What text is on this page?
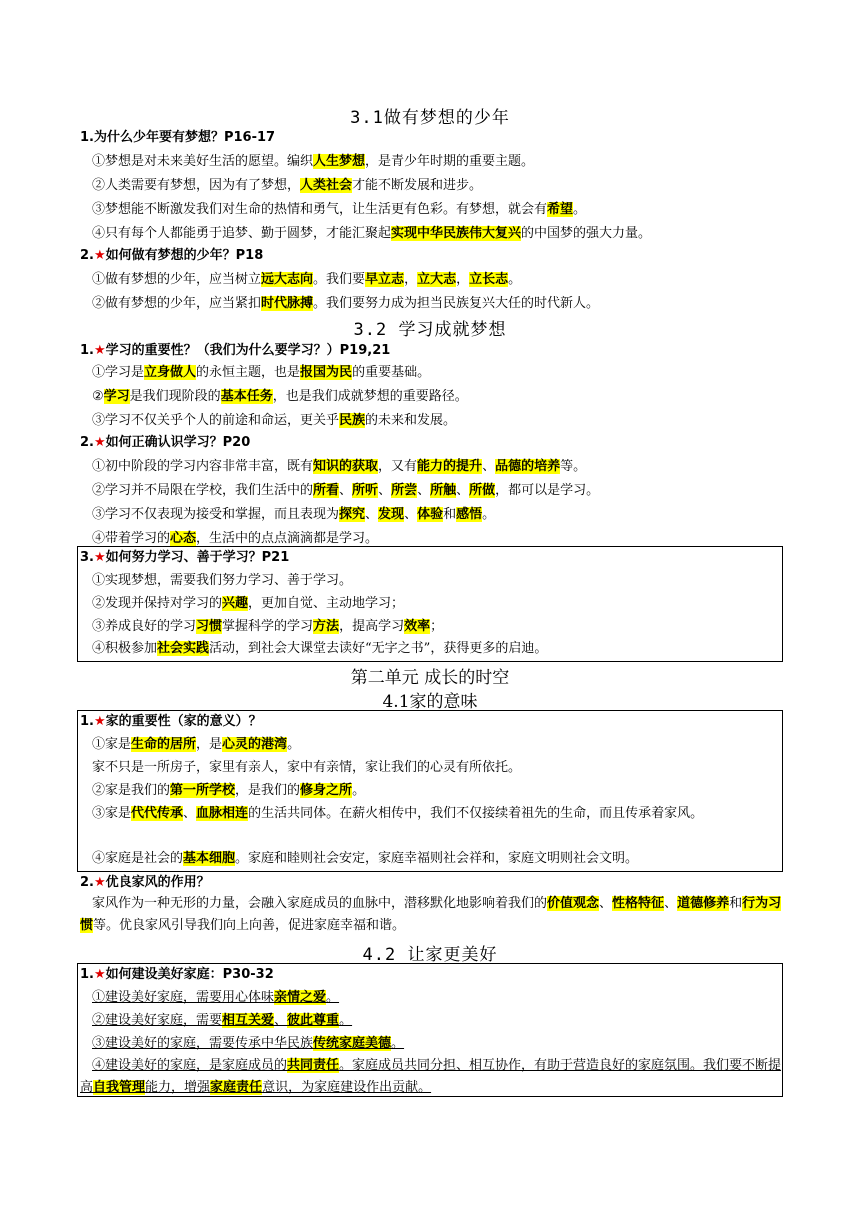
3.1做有梦想的少年
1.为什么少年要有梦想？P16-17
①梦想是对未来美好生活的愿望。编织人生梦想，是青少年时期的重要主题。
②人类需要有梦想，因为有了梦想，人类社会才能不断发展和进步。
③梦想能不断激发我们对生命的热情和勇气，让生活更有色彩。有梦想，就会有希望。
④只有每个人都能勇于追梦、勤于圆梦，才能汇聚起实现中华民族伟大复兴的中国梦的强大力量。
2.★如何做有梦想的少年？P18
①做有梦想的少年，应当树立远大志向。我们要早立志，立大志，立长志。
②做有梦想的少年，应当紧扣时代脉搏。我们要努力成为担当民族复兴大任的时代新人。
3.2 学习成就梦想
1.★学习的重要性？（我们为什么要学习？）P19,21
①学习是立身做人的永恒主题，也是报国为民的重要基础。
②学习是我们现阶段的基本任务，也是我们成就梦想的重要路径。
③学习不仅关乎个人的前途和命运，更关乎民族的未来和发展。
2.★如何正确认识学习？P20
①初中阶段的学习内容非常丰富，既有知识的获取，又有能力的提升、品德的培养等。
②学习并不局限在学校，我们生活中的所看、所听、所尝、所触、所做，都可以是学习。
③学习不仅表现为接受和掌握，而且表现为探究、发现、体验和感悟。
④带着学习的心态，生活中的点点滴滴都是学习。
3.★如何努力学习、善于学习？P21
①实现梦想，需要我们努力学习、善于学习。
②发现并保持对学习的兴趣，更加自觉、主动地学习；
③养成良好的学习习惯掌握科学的学习方法，提高学习效率；
④积极参加社会实践活动，到社会大课堂去读好“无字之书”，获得更多的启迪。
第二单元 成长的时空
4.1家的意味
1.★家的重要性（家的意义）？
①家是生命的居所，是心灵的港湾。
家不只是一所房子，家里有亲人，家中有亲情，家让我们的心灵有所依托。
②家是我们的第一所学校，是我们的修身之所。
③家是代代传承、血脉相连的生活共同体。在薪火相传中，我们不仅接续着祖先的生命，而且传承着家风。
④家庭是社会的基本细胞。家庭和睦则社会安定，家庭幸福则社会祥和，家庭文明则社会文明。
2.★优良家风的作用？
家风作为一种无形的力量，会融入家庭成员的血脉中，潜移默化地影响着我们的价值观念、性格特征、道德修养和行为习惯等。优良家风引导我们向上向善，促进家庭幸福和谐。
4.2 让家更美好
1.★如何建设美好家庭：P30-32
①建设美好家庭，需要用心体味亲情之爱。
②建设美好家庭，需要相互关爱、彼此尊重。
③建设美好的家庭，需要传承中华民族传统家庭美德。
④建设美好的家庭，是家庭成员的共同责任。家庭成员共同分担、相互协作，有助于营造良好的家庭氛围。我们要不断提高自我管理能力，增强家庭责任意识，为家庭建设作出贡献。
